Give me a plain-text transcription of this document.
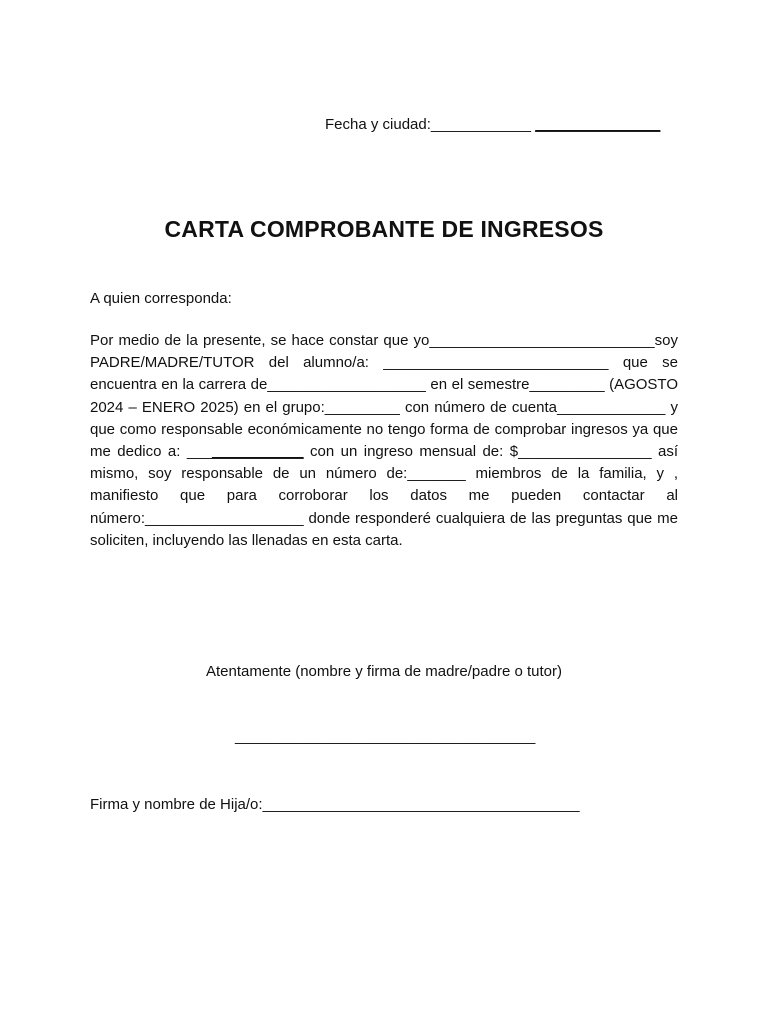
Fecha y ciudad:____________ _______________
CARTA COMPROBANTE DE INGRESOS
A quien corresponda:
Por medio de la presente, se hace constar que yo___________________________soy PADRE/MADRE/TUTOR del alumno/a: ___________________________ que se encuentra en la carrera de___________________ en el semestre_________ (AGOSTO 2024 – ENERO 2025) en el grupo:_________ con número de cuenta_____________ y que como responsable económicamente no tengo forma de comprobar ingresos ya que me dedico a: ______________ con un ingreso mensual de: $________________ así mismo, soy responsable de un número de:_______ miembros de la familia, y , manifiesto que para corroborar los datos me pueden contactar al número:___________________ donde responderé cualquiera de las preguntas que me soliciten, incluyendo las llenadas en esta carta.
Atentamente (nombre y firma de madre/padre o tutor)
____________________________________
Firma y nombre de Hija/o:______________________________________
